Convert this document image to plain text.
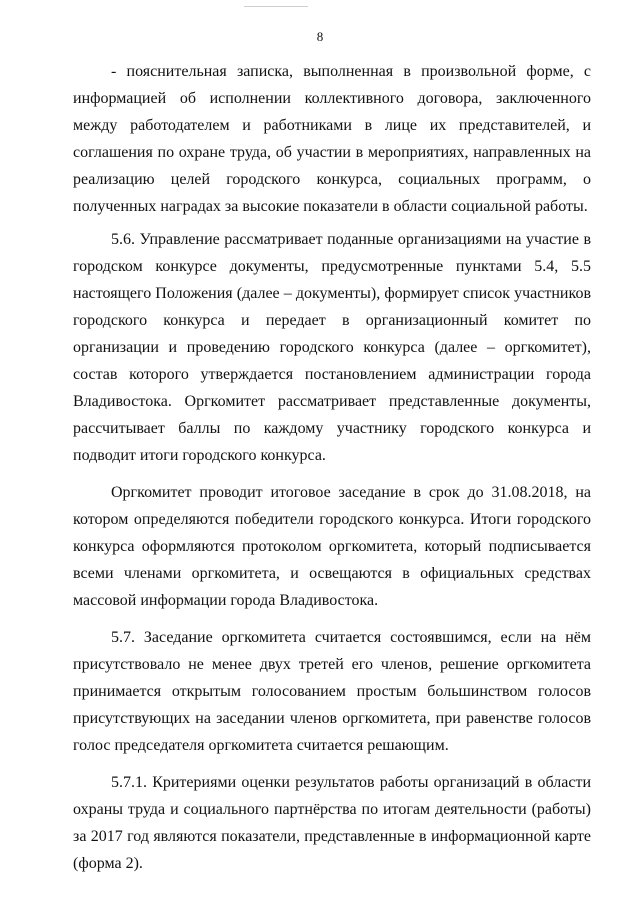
8

- пояснительная записка, выполненная в произвольной форме, с информацией об исполнении коллективного договора, заключенного между работодателем и работниками в лице их представителей, и соглашения по охране труда, об участии в мероприятиях, направленных на реализацию целей городского конкурса, социальных программ, о полученных наградах за высокие показатели в области социальной работы.

5.6. Управление рассматривает поданные организациями на участие в городском конкурсе документы, предусмотренные пунктами 5.4, 5.5 настоящего Положения (далее – документы), формирует список участников городского конкурса и передает в организационный комитет по организации и проведению городского конкурса (далее – оргкомитет), состав которого утверждается постановлением администрации города Владивостока. Оргкомитет рассматривает представленные документы, рассчитывает баллы по каждому участнику городского конкурса и подводит итоги городского конкурса.

Оргкомитет проводит итоговое заседание в срок до 31.08.2018, на котором определяются победители городского конкурса. Итоги городского конкурса оформляются протоколом оргкомитета, который подписывается всеми членами оргкомитета, и освещаются в официальных средствах массовой информации города Владивостока.

5.7. Заседание оргкомитета считается состоявшимся, если на нём присутствовало не менее двух третей его членов, решение оргкомитета принимается открытым голосованием простым большинством голосов присутствующих на заседании членов оргкомитета, при равенстве голосов голос председателя оргкомитета считается решающим.

5.7.1. Критериями оценки результатов работы организаций в области охраны труда и социального партнёрства по итогам деятельности (работы) за 2017 год являются показатели, представленные в информационной карте (форма 2).
